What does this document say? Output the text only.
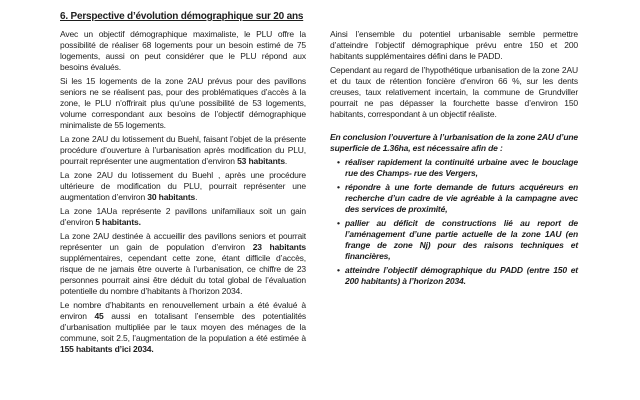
6. Perspective d’évolution démographique sur 20 ans

Avec un objectif démographique maximaliste, le PLU offre la possibilité de réaliser 68 logements pour un besoin estimé de 75 logements, aussi on peut considérer que le PLU répond aux besoins évalués.

Si les 15 logements de la zone 2AU prévus pour des pavillons seniors ne se réalisent pas, pour des problématiques d’accès à la zone, le PLU n’offrirait plus qu’une possibilité de 53 logements, volume correspondant aux besoins de l’objectif démographique minimaliste de 55 logements.

La zone 2AU du lotissement du Buehl, faisant l’objet de la présente procédure d’ouverture à l’urbanisation après modification du PLU, pourrait représenter une augmentation d’environ 53 habitants.

La zone 2AU du lotissement du Buehl , après une procédure ultérieure de modification du PLU, pourrait représenter une augmentation d’environ 30 habitants.

La zone 1AUa représente 2 pavillons unifamiliaux soit un gain d’environ 5 habitants.

La zone 2AU destinée à accueillir des pavillons seniors et pourrait représenter un gain de population d’environ 23 habitants supplémentaires, cependant cette zone, étant difficile d’accès, risque de ne jamais être ouverte à l’urbanisation, ce chiffre de 23 personnes pourrait ainsi être déduit du total global de l’évaluation potentielle du nombre d’habitants à l’horizon 2034.

Le nombre d’habitants en renouvellement urbain a été évalué à environ 45 aussi en totalisant l’ensemble des potentialités d’urbanisation multipliée par le taux moyen des ménages de la commune, soit 2.5, l’augmentation de la population a été estimée à 155 habitants d’ici 2034.

Ainsi l’ensemble du potentiel urbanisable semble permettre d’atteindre l’objectif démographique prévu entre 150 et 200 habitants supplémentaires défini dans le PADD.

Cependant au regard de l’hypothétique urbanisation de la zone 2AU et du taux de rétention foncière d’environ 66 %, sur les dents creuses, taux relativement incertain, la commune de Grundviller pourrait ne pas dépasser la fourchette basse d’environ 150 habitants, correspondant à un objectif réaliste.

En conclusion l’ouverture à l’urbanisation de la zone 2AU d’une superficie de 1.36ha, est nécessaire afin de :

• réaliser rapidement la continuité urbaine avec le bouclage rue des Champs- rue des Vergers,
• répondre à une forte demande de futurs acquéreurs en recherche d’un cadre de vie agréable à la campagne avec des services de proximité,
• pallier au déficit de constructions lié au report de l’aménagement d’une partie actuelle de la zone 1AU (en frange de zone Nj) pour des raisons techniques et financières,
• atteindre l’objectif démographique du PADD (entre 150 et 200 habitants) à l’horizon 2034.
